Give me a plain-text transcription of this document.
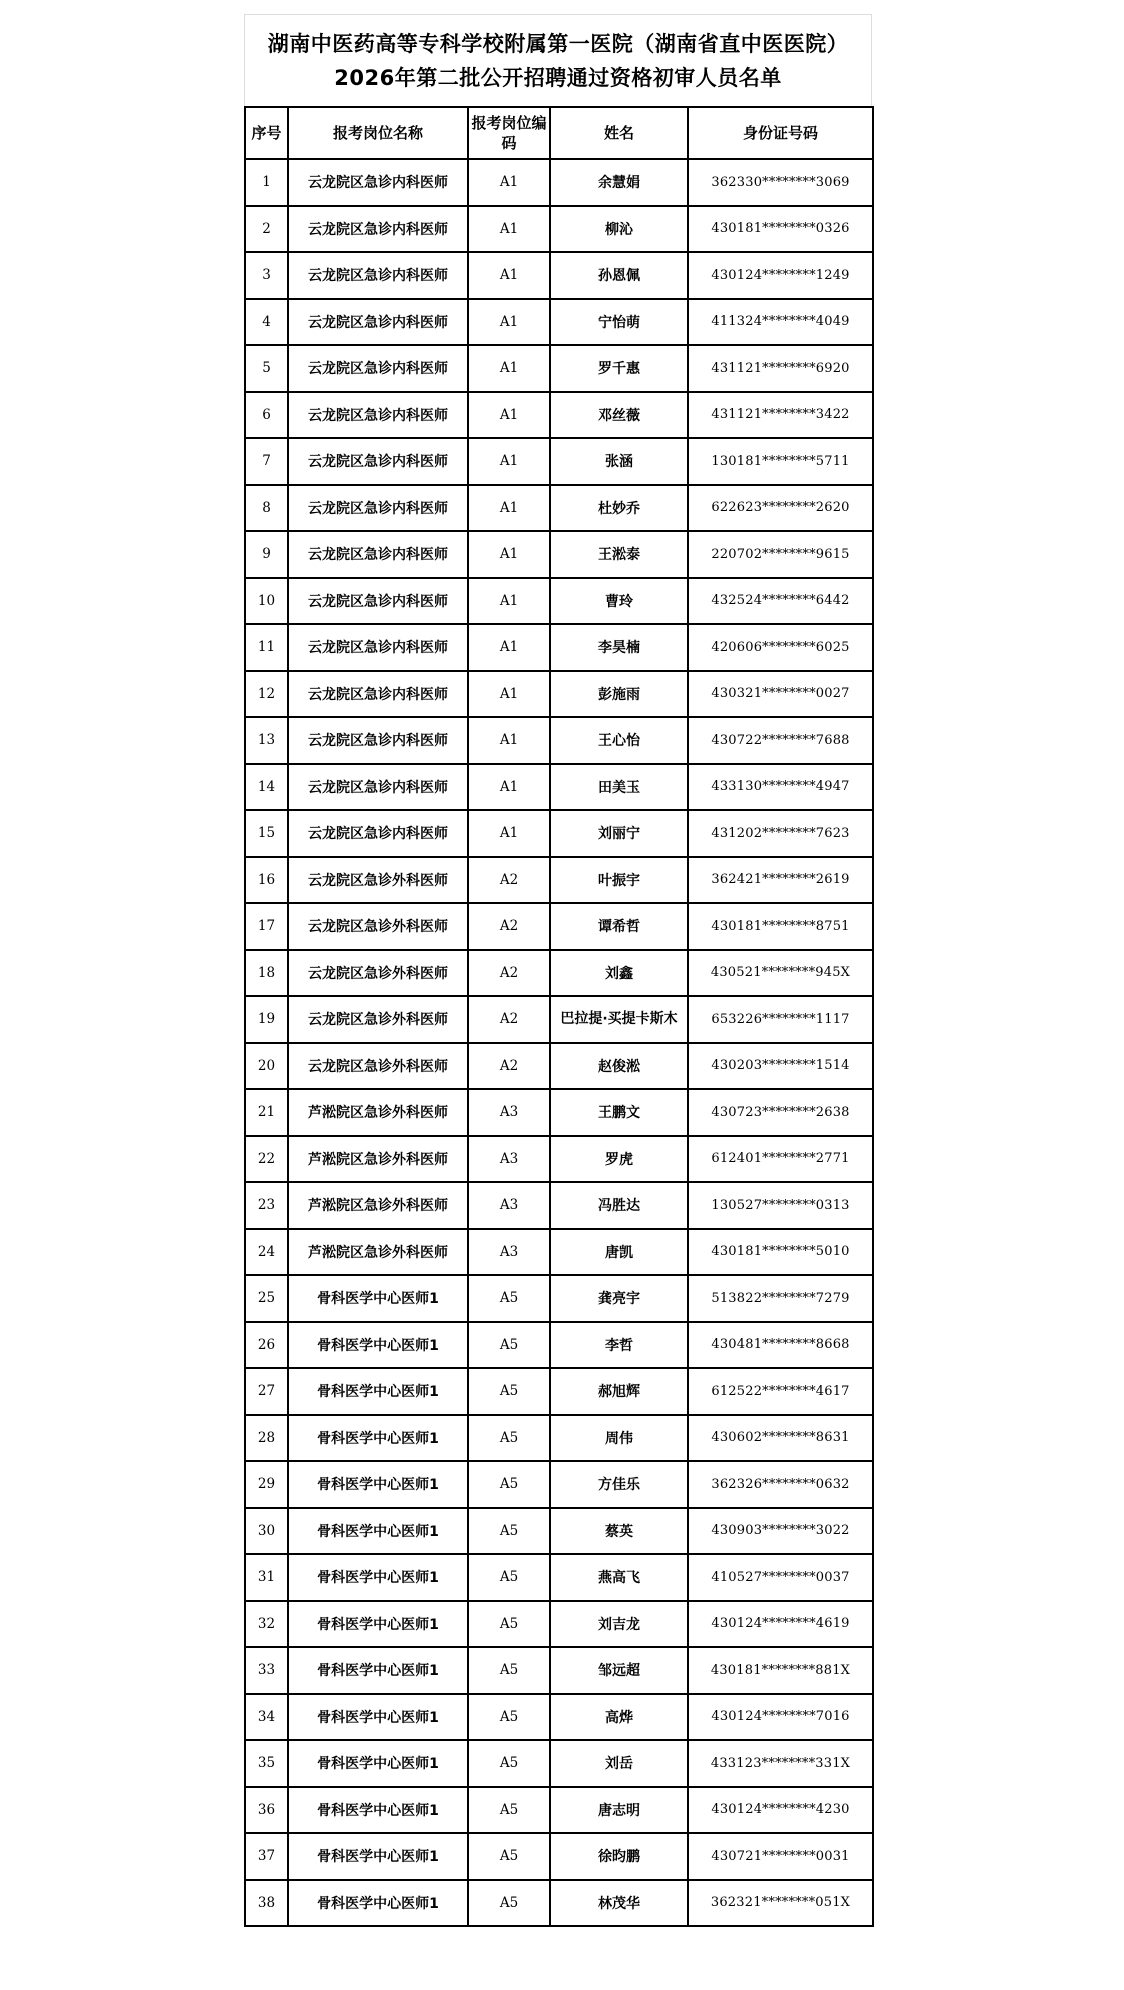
湖南中医药高等专科学校附属第一医院（湖南省直中医医院）2026年第二批公开招聘通过资格初审人员名单
序号	报考岗位名称	报考岗位编码	姓名	身份证号码
1	云龙院区急诊内科医师	A1	余慧娟	362330********3069
2	云龙院区急诊内科医师	A1	柳沁	430181********0326
3	云龙院区急诊内科医师	A1	孙恩佩	430124********1249
4	云龙院区急诊内科医师	A1	宁怡萌	411324********4049
5	云龙院区急诊内科医师	A1	罗千惠	431121********6920
6	云龙院区急诊内科医师	A1	邓丝薇	431121********3422
7	云龙院区急诊内科医师	A1	张涵	130181********5711
8	云龙院区急诊内科医师	A1	杜妙乔	622623********2620
9	云龙院区急诊内科医师	A1	王淞泰	220702********9615
10	云龙院区急诊内科医师	A1	曹玲	432524********6442
11	云龙院区急诊内科医师	A1	李昊楠	420606********6025
12	云龙院区急诊内科医师	A1	彭施雨	430321********0027
13	云龙院区急诊内科医师	A1	王心怡	430722********7688
14	云龙院区急诊内科医师	A1	田美玉	433130********4947
15	云龙院区急诊内科医师	A1	刘丽宁	431202********7623
16	云龙院区急诊外科医师	A2	叶振宇	362421********2619
17	云龙院区急诊外科医师	A2	谭希哲	430181********8751
18	云龙院区急诊外科医师	A2	刘鑫	430521********945X
19	云龙院区急诊外科医师	A2	巴拉提·买提卡斯木	653226********1117
20	云龙院区急诊外科医师	A2	赵俊淞	430203********1514
21	芦淞院区急诊外科医师	A3	王鹏文	430723********2638
22	芦淞院区急诊外科医师	A3	罗虎	612401********2771
23	芦淞院区急诊外科医师	A3	冯胜达	130527********0313
24	芦淞院区急诊外科医师	A3	唐凯	430181********5010
25	骨科医学中心医师1	A5	龚亮宇	513822********7279
26	骨科医学中心医师1	A5	李哲	430481********8668
27	骨科医学中心医师1	A5	郝旭辉	612522********4617
28	骨科医学中心医师1	A5	周伟	430602********8631
29	骨科医学中心医师1	A5	方佳乐	362326********0632
30	骨科医学中心医师1	A5	蔡英	430903********3022
31	骨科医学中心医师1	A5	燕高飞	410527********0037
32	骨科医学中心医师1	A5	刘吉龙	430124********4619
33	骨科医学中心医师1	A5	邹远超	430181********881X
34	骨科医学中心医师1	A5	高烨	430124********7016
35	骨科医学中心医师1	A5	刘岳	433123********331X
36	骨科医学中心医师1	A5	唐志明	430124********4230
37	骨科医学中心医师1	A5	徐昀鹏	430721********0031
38	骨科医学中心医师1	A5	林茂华	362321********051X
